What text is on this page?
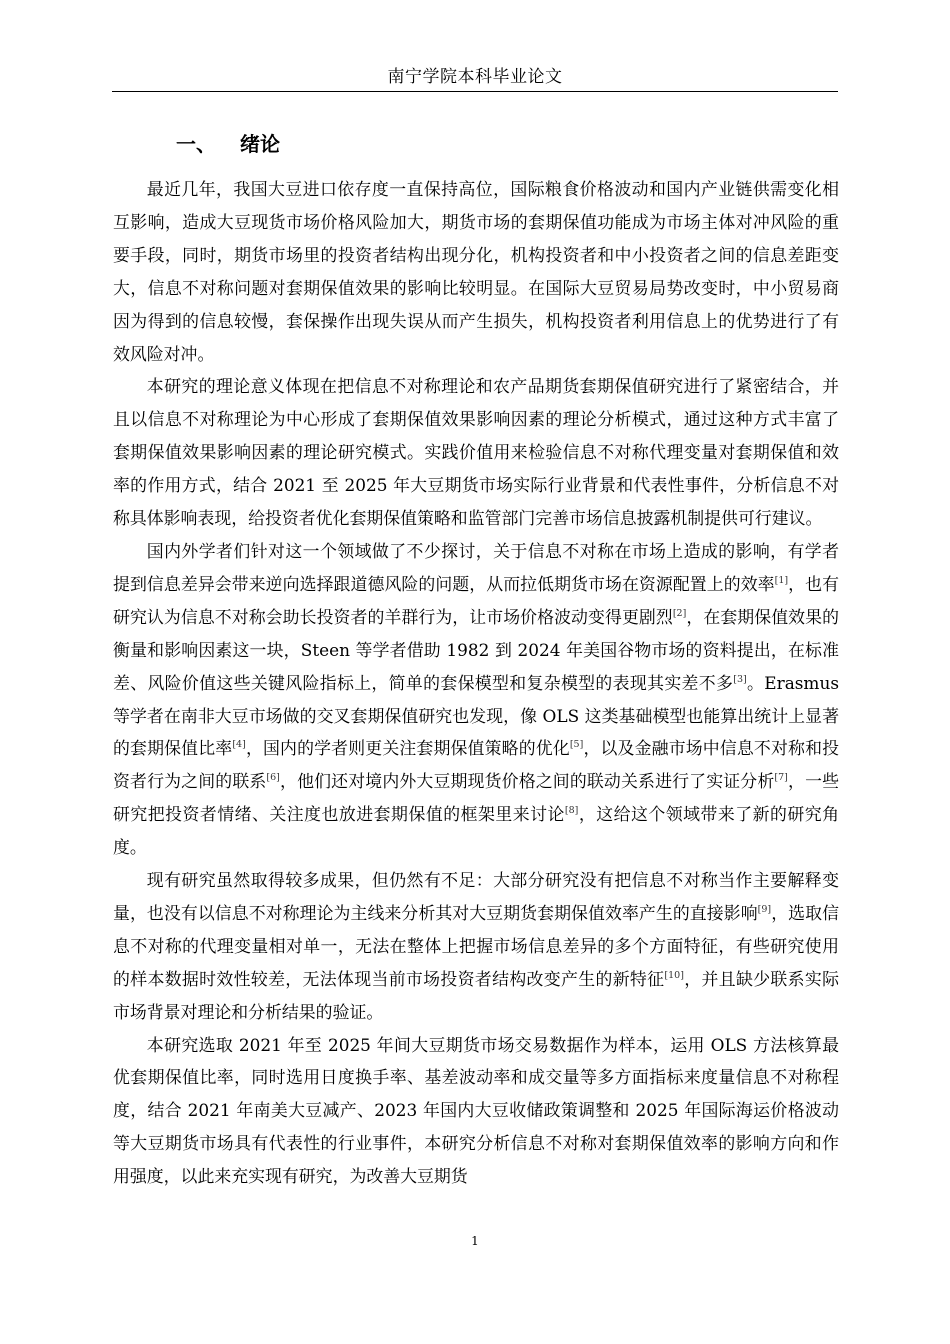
南宁学院本科毕业论文
一、 绪论

最近几年，我国大豆进口依存度一直保持高位，国际粮食价格波动和国内产业链供需变化相互影响，造成大豆现货市场价格风险加大，期货市场的套期保值功能成为市场主体对冲风险的重要手段，同时，期货市场里的投资者结构出现分化，机构投资者和中小投资者之间的信息差距变大，信息不对称问题对套期保值效果的影响比较明显。在国际大豆贸易局势改变时，中小贸易商因为得到的信息较慢，套保操作出现失误从而产生损失，机构投资者利用信息上的优势进行了有效风险对冲。

本研究的理论意义体现在把信息不对称理论和农产品期货套期保值研究进行了紧密结合，并且以信息不对称理论为中心形成了套期保值效果影响因素的理论分析模式，通过这种方式丰富了套期保值效果影响因素的理论研究模式。实践价值用来检验信息不对称代理变量对套期保值和效率的作用方式，结合 2021 至 2025 年大豆期货市场实际行业背景和代表性事件，分析信息不对称具体影响表现，给投资者优化套期保值策略和监管部门完善市场信息披露机制提供可行建议。

国内外学者们针对这一个领域做了不少探讨，关于信息不对称在市场上造成的影响，有学者提到信息差异会带来逆向选择跟道德风险的问题，从而拉低期货市场在资源配置上的效率[1]，也有研究认为信息不对称会助长投资者的羊群行为，让市场价格波动变得更剧烈[2]，在套期保值效果的衡量和影响因素这一块，Steen 等学者借助 1982 到 2024 年美国谷物市场的资料提出，在标准差、风险价值这些关键风险指标上，简单的套保模型和复杂模型的表现其实差不多[3]。Erasmus 等学者在南非大豆市场做的交叉套期保值研究也发现，像 OLS 这类基础模型也能算出统计上显著的套期保值比率[4]，国内的学者则更关注套期保值策略的优化[5]，以及金融市场中信息不对称和投资者行为之间的联系[6]，他们还对境内外大豆期现货价格之间的联动关系进行了实证分析[7]，一些研究把投资者情绪、关注度也放进套期保值的框架里来讨论[8]，这给这个领域带来了新的研究角度。

现有研究虽然取得较多成果，但仍然有不足：大部分研究没有把信息不对称当作主要解释变量，也没有以信息不对称理论为主线来分析其对大豆期货套期保值效率产生的直接影响[9]，选取信息不对称的代理变量相对单一，无法在整体上把握市场信息差异的多个方面特征，有些研究使用的样本数据时效性较差，无法体现当前市场投资者结构改变产生的新特征[10]，并且缺少联系实际市场背景对理论和分析结果的验证。

本研究选取 2021 年至 2025 年间大豆期货市场交易数据作为样本，运用 OLS 方法核算最优套期保值比率，同时选用日度换手率、基差波动率和成交量等多方面指标来度量信息不对称程度，结合 2021 年南美大豆减产、2023 年国内大豆收储政策调整和 2025 年国际海运价格波动等大豆期货市场具有代表性的行业事件，本研究分析信息不对称对套期保值效率的影响方向和作用强度，以此来充实现有研究，为改善大豆期货

1
